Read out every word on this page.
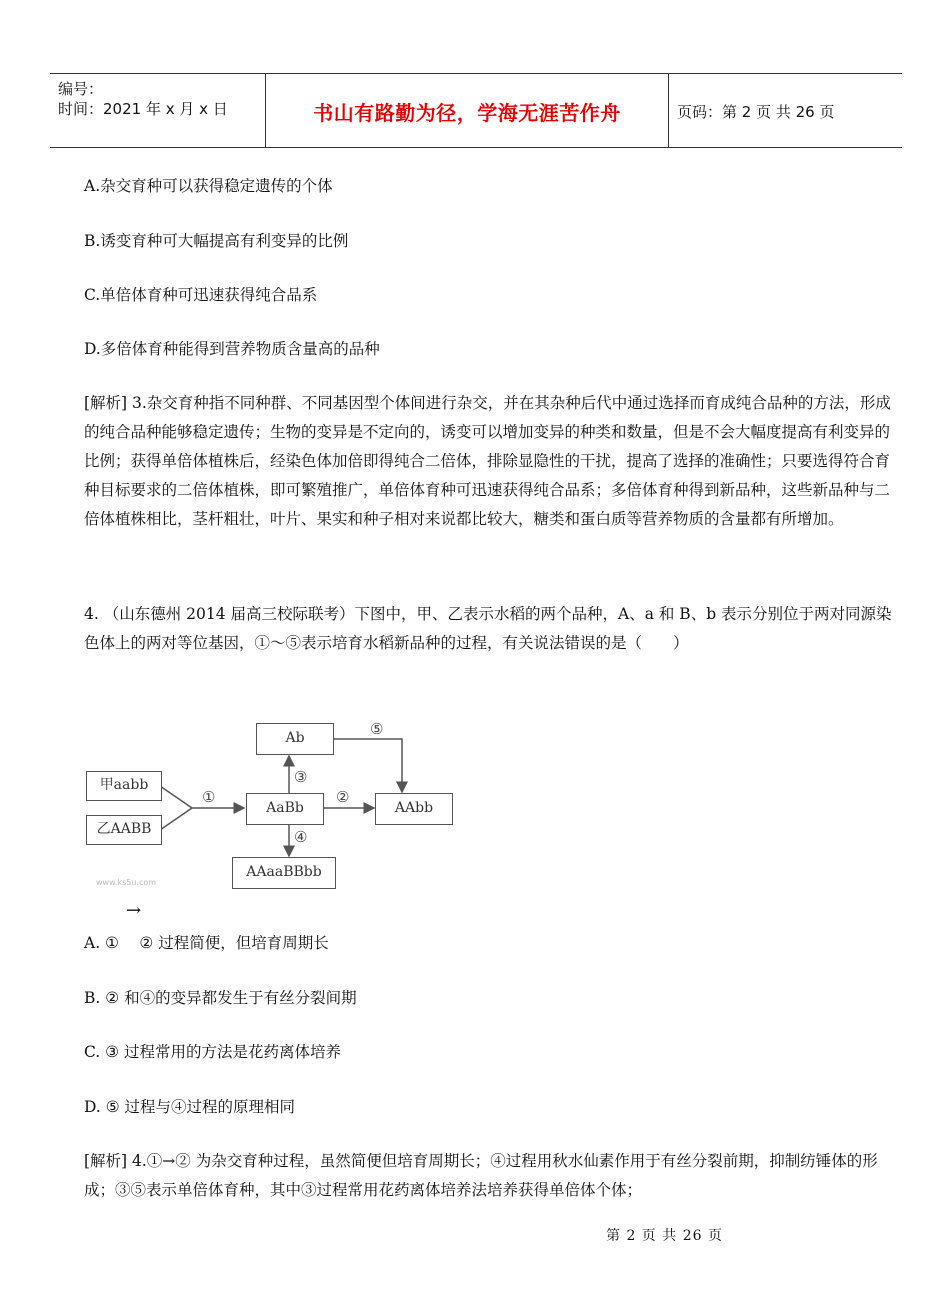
编号：
时间：2021 年 x 月 x 日	书山有路勤为径，学海无涯苦作舟	页码：第 2 页 共 26 页

A.杂交育种可以获得稳定遗传的个体

B.诱变育种可大幅提高有利变异的比例

C.单倍体育种可迅速获得纯合品系

D.多倍体育种能得到营养物质含量高的品种

[解析] 3.杂交育种指不同种群、不同基因型个体间进行杂交，并在其杂种后代中通过选择而育成纯合品种的方法，形成的纯合品种能够稳定遗传；生物的变异是不定向的，诱变可以增加变异的种类和数量，但是不会大幅度提高有利变异的比例；获得单倍体植株后，经染色体加倍即得纯合二倍体，排除显隐性的干扰，提高了选择的准确性；只要选得符合育种目标要求的二倍体植株，即可繁殖推广，单倍体育种可迅速获得纯合品系；多倍体育种得到新品种，这些新品种与二倍体植株相比，茎杆粗壮，叶片、果实和种子相对来说都比较大，糖类和蛋白质等营养物质的含量都有所增加。

4. （山东德州 2014 届高三校际联考）下图中，甲、乙表示水稻的两个品种，A、a 和 B、b 表示分别位于两对同源染色体上的两对等位基因，①～⑤表示培育水稻新品种的过程，有关说法错误的是（　　）

甲aabb
乙AABB
AaBb
Ab
AAbb
AAaaBBbb
①	②
③
④
⑤
www.ks5u.com
→

A. ①　 ② 过程简便，但培育周期长

B. ② 和④的变异都发生于有丝分裂间期

C. ③ 过程常用的方法是花药离体培养

D. ⑤ 过程与④过程的原理相同

[解析] 4.①→② 为杂交育种过程，虽然简便但培育周期长；④过程用秋水仙素作用于有丝分裂前期，抑制纺锤体的形成；③⑤表示单倍体育种，其中③过程常用花药离体培养法培养获得单倍体个体；

第 2 页 共 26 页
